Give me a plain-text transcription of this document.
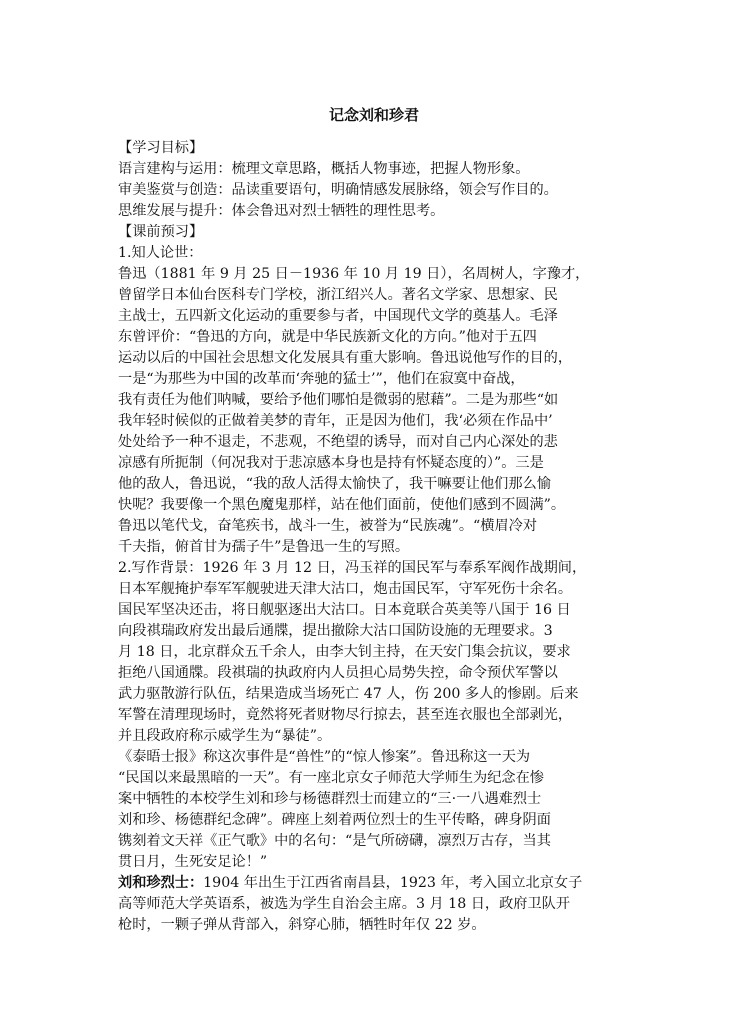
记念刘和珍君
【学习目标】
语言建构与运用：梳理文章思路，概括人物事迹，把握人物形象。
审美鉴赏与创造：品读重要语句，明确情感发展脉络，领会写作目的。
思维发展与提升：体会鲁迅对烈士牺牲的理性思考。
【课前预习】
1.知人论世：
鲁迅（1881 年 9 月 25 日－1936 年 10 月 19 日），名周树人，字豫才，
曾留学日本仙台医科专门学校，浙江绍兴人。著名文学家、思想家、民
主战士，五四新文化运动的重要参与者，中国现代文学的奠基人。毛泽
东曾评价：“鲁迅的方向，就是中华民族新文化的方向。”他对于五四
运动以后的中国社会思想文化发展具有重大影响。鲁迅说他写作的目的，
一是“为那些为中国的改革而‘奔驰的猛士’”，他们在寂寞中奋战，
我有责任为他们呐喊，要给予他们哪怕是微弱的慰藉”。二是为那些“如
我年轻时候似的正做着美梦的青年，正是因为他们，我‘必须在作品中’
处处给予一种不退走，不悲观，不绝望的诱导，而对自己内心深处的悲
凉感有所扼制（何况我对于悲凉感本身也是持有怀疑态度的）”。三是
他的敌人，鲁迅说，“我的敌人活得太愉快了，我干嘛要让他们那么愉
快呢？我要像一个黑色魔鬼那样，站在他们面前，使他们感到不圆满”。
鲁迅以笔代戈，奋笔疾书，战斗一生，被誉为“民族魂”。“横眉冷对
千夫指，俯首甘为孺子牛”是鲁迅一生的写照。
2.写作背景：1926 年 3 月 12 日，冯玉祥的国民军与奉系军阀作战期间，
日本军舰掩护奉军军舰驶进天津大沽口，炮击国民军，守军死伤十余名。
国民军坚决还击，将日舰驱逐出大沽口。日本竟联合英美等八国于 16 日
向段祺瑞政府发出最后通牒，提出撤除大沽口国防设施的无理要求。3
月 18 日，北京群众五千余人，由李大钊主持，在天安门集会抗议，要求
拒绝八国通牒。段祺瑞的执政府内人员担心局势失控，命令预伏军警以
武力驱散游行队伍，结果造成当场死亡 47 人，伤 200 多人的惨剧。后来
军警在清理现场时，竟然将死者财物尽行掠去，甚至连衣服也全部剥光，
并且段政府称示威学生为“暴徒”。
《泰晤士报》称这次事件是“兽性”的“惊人惨案”。鲁迅称这一天为
“民国以来最黑暗的一天”。有一座北京女子师范大学师生为纪念在惨
案中牺牲的本校学生刘和珍与杨德群烈士而建立的“三·一八遇难烈士
刘和珍、杨德群纪念碑”。碑座上刻着两位烈士的生平传略，碑身阴面
镌刻着文天祥《正气歌》中的名句：“是气所磅礴，凛烈万古存，当其
贯日月，生死安足论！”
刘和珍烈士：1904 年出生于江西省南昌县，1923 年，考入国立北京女子
高等师范大学英语系，被选为学生自治会主席。3 月 18 日，政府卫队开
枪时，一颗子弹从背部入，斜穿心肺，牺牲时年仅 22 岁。
